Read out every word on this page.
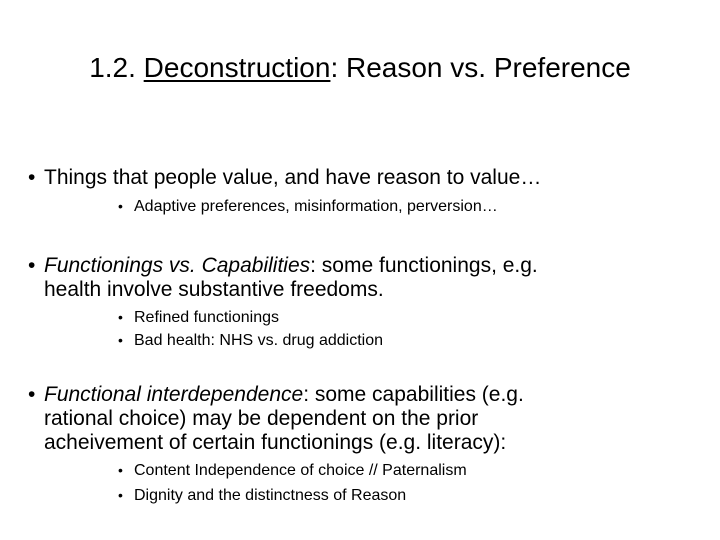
1.2. Deconstruction: Reason vs. Preference
• Things that people value, and have reason to value…
• Adaptive preferences, misinformation, perversion…
• Functionings vs. Capabilities: some functionings, e.g.
health involve substantive freedoms.
• Refined functionings
• Bad health: NHS vs. drug addiction
• Functional interdependence: some capabilities (e.g.
rational choice) may be dependent on the prior
acheivement of certain functionings (e.g. literacy):
• Content Independence of choice // Paternalism
• Dignity and the distinctness of Reason
